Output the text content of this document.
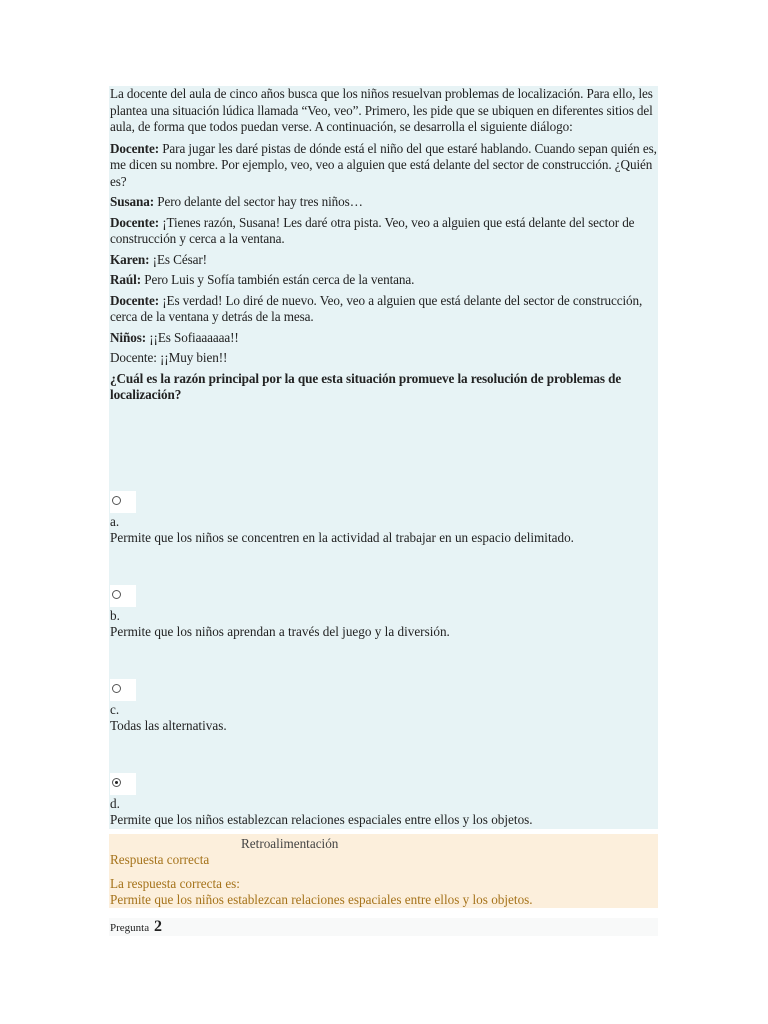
La docente del aula de cinco años busca que los niños resuelvan problemas de localización. Para ello, les plantea una situación lúdica llamada “Veo, veo”. Primero, les pide que se ubiquen en diferentes sitios del aula, de forma que todos puedan verse. A continuación, se desarrolla el siguiente diálogo:

Docente: Para jugar les daré pistas de dónde está el niño del que estaré hablando. Cuando sepan quién es, me dicen su nombre. Por ejemplo, veo, veo a alguien que está delante del sector de construcción. ¿Quién es?

Susana: Pero delante del sector hay tres niños…

Docente: ¡Tienes razón, Susana! Les daré otra pista. Veo, veo a alguien que está delante del sector de construcción y cerca a la ventana.

Karen: ¡Es César!

Raúl: Pero Luis y Sofía también están cerca de la ventana.

Docente: ¡Es verdad! Lo diré de nuevo. Veo, veo a alguien que está delante del sector de construcción, cerca de la ventana y detrás de la mesa.

Niños: ¡¡Es Sofiaaaaaa!!

Docente: ¡¡Muy bien!!

¿Cuál es la razón principal por la que esta situación promueve la resolución de problemas de localización?

a.
Permite que los niños se concentren en la actividad al trabajar en un espacio delimitado.
b.
Permite que los niños aprendan a través del juego y la diversión.
c.
Todas las alternativas.
d.
Permite que los niños establezcan relaciones espaciales entre ellos y los objetos.
Retroalimentación
Respuesta correcta
La respuesta correcta es:
Permite que los niños establezcan relaciones espaciales entre ellos y los objetos.
Pregunta 2
